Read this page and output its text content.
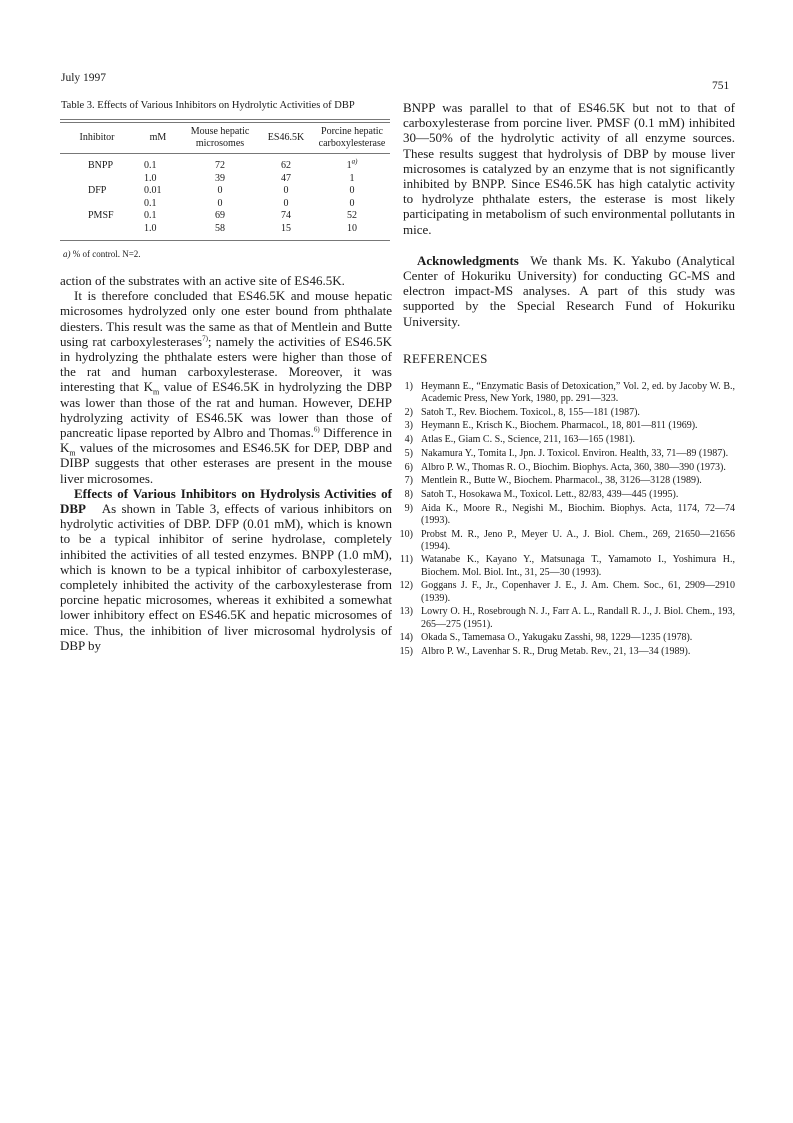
July 1997
751
Table 3. Effects of Various Inhibitors on Hydrolytic Activities of DBP

Inhibitor	mM	Mouse hepatic microsomes	ES46.5K	Porcine hepatic carboxylesterase
BNPP	0.1	72	62	1$^{a)}$
	1.0	39	47	1
DFP	0.01	0	0	0
	0.1	0	0	0
PMSF	0.1	69	74	52
	1.0	58	15	10
a) % of control. N=2.

action of the substrates with an active site of ES46.5K.

It is therefore concluded that ES46.5K and mouse hepatic microsomes hydrolyzed only one ester bound from phthalate diesters. This result was the same as that of Mentlein and Butte using rat carboxylesterases$^{7)}$; namely the activities of ES46.5K in hydrolyzing the phthalate esters were higher than those of the rat and human carboxylesterase. Moreover, it was interesting that $K_m$ value of ES46.5K in hydrolyzing the DBP was lower than those of the rat and human. However, DEHP hydrolyzing activity of ES46.5K was lower than those of pancreatic lipase reported by Albro and Thomas.$^{6)}$ Difference in $K_m$ values of the microsomes and ES46.5K for DEP, DBP and DIBP suggests that other esterases are present in the mouse liver microsomes.

Effects of Various Inhibitors on Hydrolysis Activities of DBP As shown in Table 3, effects of various inhibitors on hydrolytic activities of DBP. DFP (0.01 mM), which is known to be a typical inhibitor of serine hydrolase, completely inhibited the activities of all tested enzymes. BNPP (1.0 mM), which is known to be a typical inhibitor of carboxylesterase, completely inhibited the activity of the carboxylesterase from porcine hepatic microsomes, whereas it exhibited a somewhat lower inhibitory effect on ES46.5K and hepatic microsomes of mice. Thus, the inhibition of liver microsomal hydrolysis of DBP by

BNPP was parallel to that of ES46.5K but not to that of carboxylesterase from porcine liver. PMSF (0.1 mM) inhibited 30—50% of the hydrolytic activity of all enzyme sources. These results suggest that hydrolysis of DBP by mouse liver microsomes is catalyzed by an enzyme that is not significantly inhibited by BNPP. Since ES46.5K has high catalytic activity to hydrolyze phthalate esters, the esterase is most likely participating in metabolism of such environmental pollutants in mice.

Acknowledgments We thank Ms. K. Yakubo (Analytical Center of Hokuriku University) for conducting GC-MS and electron impact-MS analyses. A part of this study was supported by the Special Research Fund of Hokuriku University.

REFERENCES
1) Heymann E., “Enzymatic Basis of Detoxication,” Vol. 2, ed. by Jacoby W. B., Academic Press, New York, 1980, pp. 291—323.
2) Satoh T., Rev. Biochem. Toxicol., 8, 155—181 (1987).
3) Heymann E., Krisch K., Biochem. Pharmacol., 18, 801—811 (1969).
4) Atlas E., Giam C. S., Science, 211, 163—165 (1981).
5) Nakamura Y., Tomita I., Jpn. J. Toxicol. Environ. Health, 33, 71—89 (1987).
6) Albro P. W., Thomas R. O., Biochim. Biophys. Acta, 360, 380—390 (1973).
7) Mentlein R., Butte W., Biochem. Pharmacol., 38, 3126—3128 (1989).
8) Satoh T., Hosokawa M., Toxicol. Lett., 82/83, 439—445 (1995).
9) Aida K., Moore R., Negishi M., Biochim. Biophys. Acta, 1174, 72—74 (1993).
10) Probst M. R., Jeno P., Meyer U. A., J. Biol. Chem., 269, 21650—21656 (1994).
11) Watanabe K., Kayano Y., Matsunaga T., Yamamoto I., Yoshimura H., Biochem. Mol. Biol. Int., 31, 25—30 (1993).
12) Goggans J. F., Jr., Copenhaver J. E., J. Am. Chem. Soc., 61, 2909—2910 (1939).
13) Lowry O. H., Rosebrough N. J., Farr A. L., Randall R. J., J. Biol. Chem., 193, 265—275 (1951).
14) Okada S., Tamemasa O., Yakugaku Zasshi, 98, 1229—1235 (1978).
15) Albro P. W., Lavenhar S. R., Drug Metab. Rev., 21, 13—34 (1989).
